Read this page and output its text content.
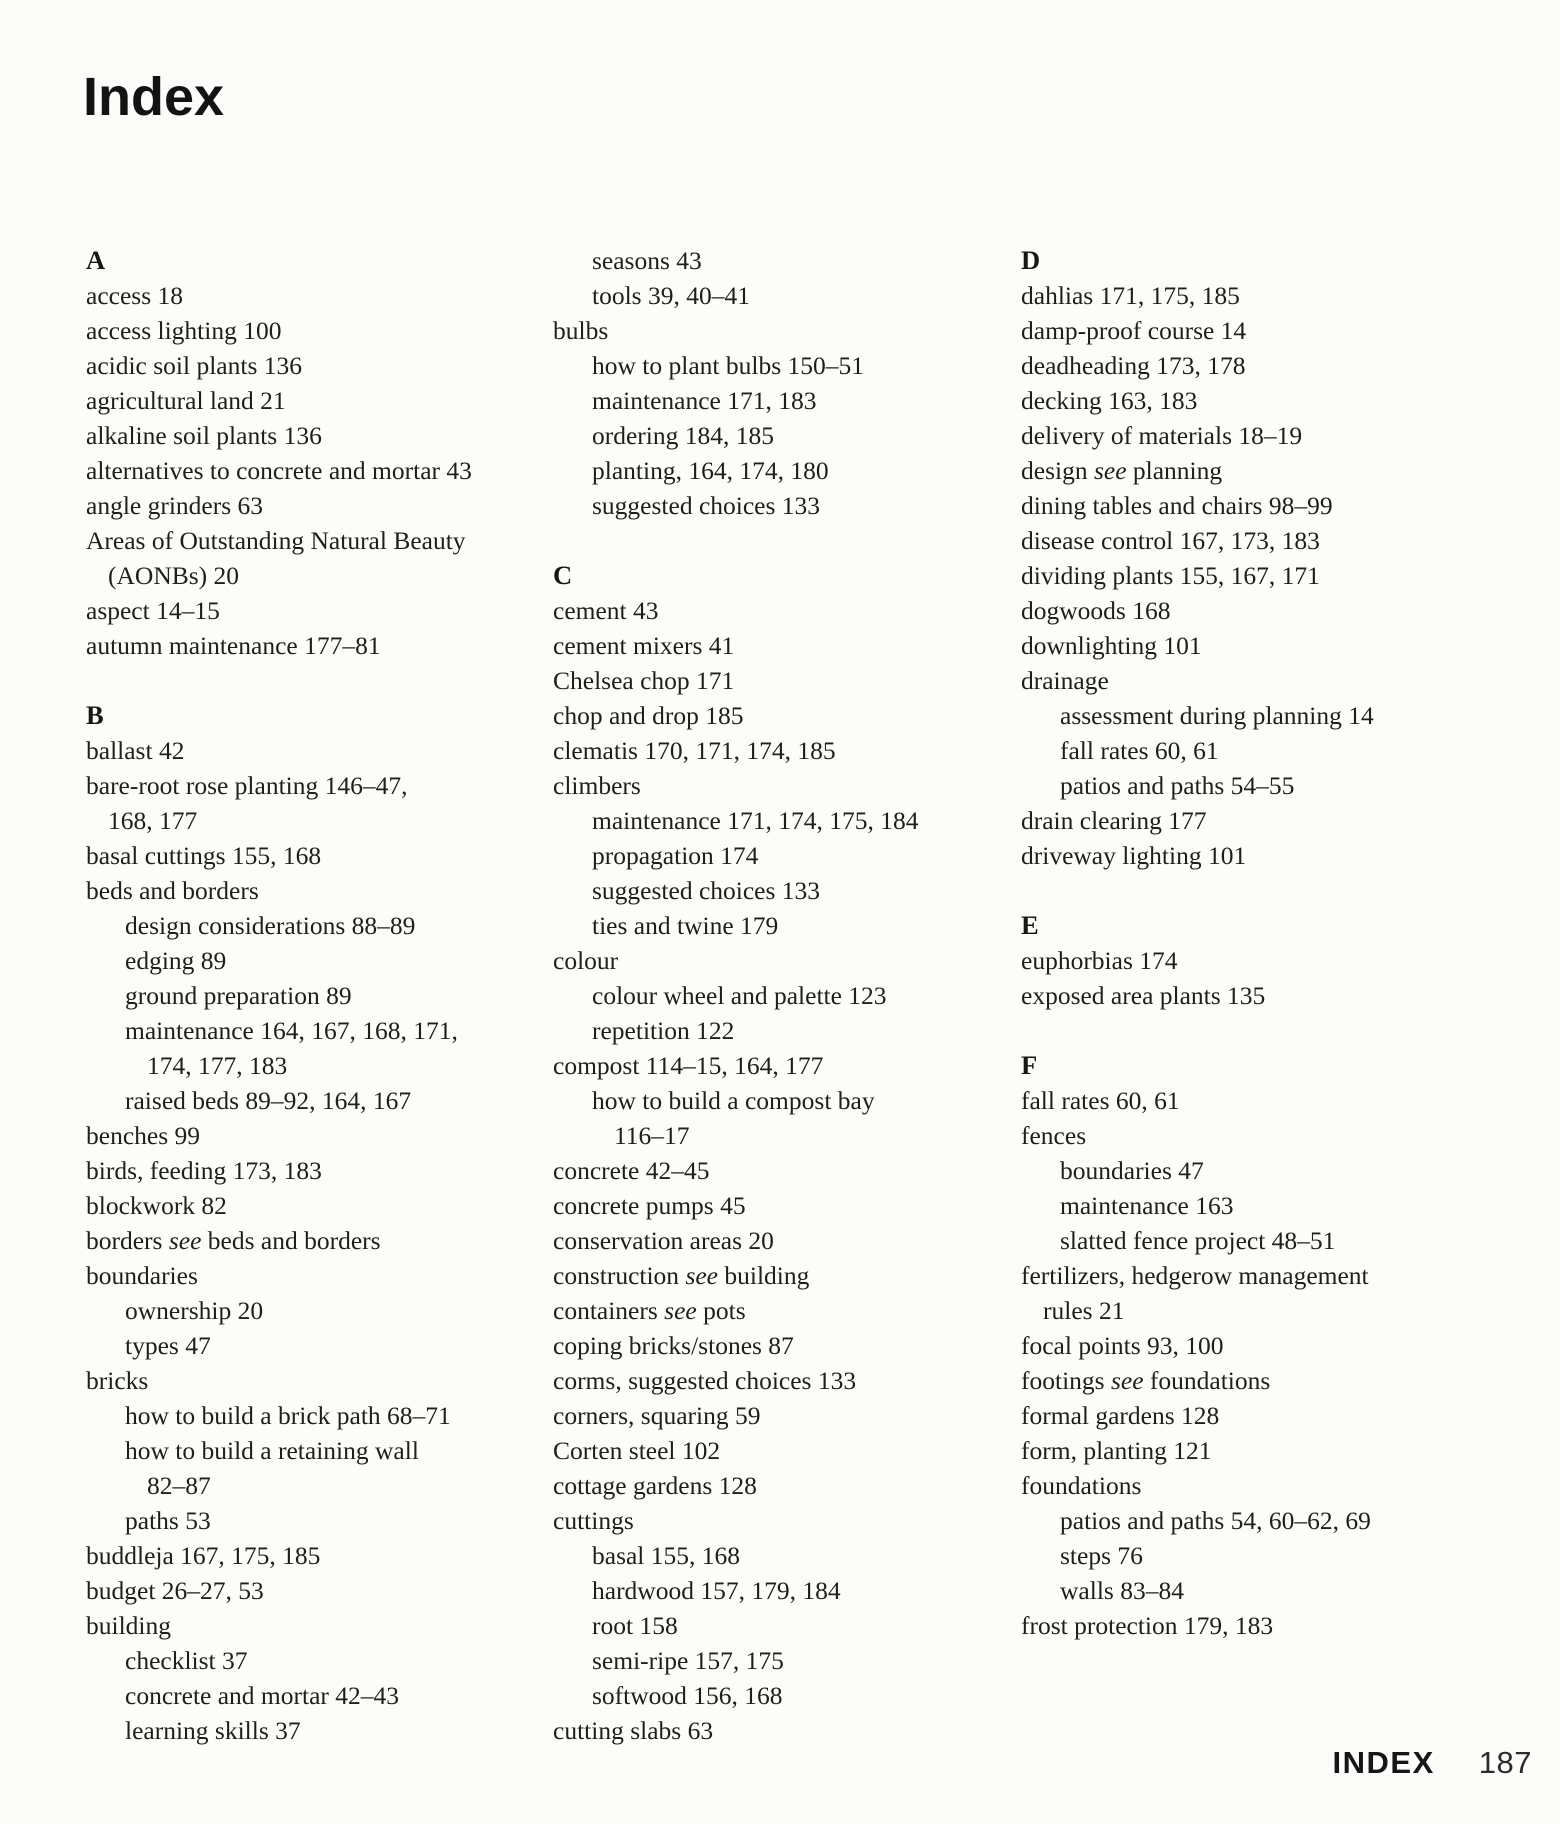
Index
A
access 18
access lighting 100
acidic soil plants 136
agricultural land 21
alkaline soil plants 136
alternatives to concrete and mortar 43
angle grinders 63
Areas of Outstanding Natural Beauty
(AONBs) 20
aspect 14–15
autumn maintenance 177–81
B
ballast 42
bare-root rose planting 146–47,
168, 177
basal cuttings 155, 168
beds and borders
design considerations 88–89
edging 89
ground preparation 89
maintenance 164, 167, 168, 171,
174, 177, 183
raised beds 89–92, 164, 167
benches 99
birds, feeding 173, 183
blockwork 82
borders see beds and borders
boundaries
ownership 20
types 47
bricks
how to build a brick path 68–71
how to build a retaining wall
82–87
paths 53
buddleja 167, 175, 185
budget 26–27, 53
building
checklist 37
concrete and mortar 42–43
learning skills 37
seasons 43
tools 39, 40–41
bulbs
how to plant bulbs 150–51
maintenance 171, 183
ordering 184, 185
planting, 164, 174, 180
suggested choices 133
C
cement 43
cement mixers 41
Chelsea chop 171
chop and drop 185
clematis 170, 171, 174, 185
climbers
maintenance 171, 174, 175, 184
propagation 174
suggested choices 133
ties and twine 179
colour
colour wheel and palette 123
repetition 122
compost 114–15, 164, 177
how to build a compost bay
116–17
concrete 42–45
concrete pumps 45
conservation areas 20
construction see building
containers see pots
coping bricks/stones 87
corms, suggested choices 133
corners, squaring 59
Corten steel 102
cottage gardens 128
cuttings
basal 155, 168
hardwood 157, 179, 184
root 158
semi-ripe 157, 175
softwood 156, 168
cutting slabs 63
D
dahlias 171, 175, 185
damp-proof course 14
deadheading 173, 178
decking 163, 183
delivery of materials 18–19
design see planning
dining tables and chairs 98–99
disease control 167, 173, 183
dividing plants 155, 167, 171
dogwoods 168
downlighting 101
drainage
assessment during planning 14
fall rates 60, 61
patios and paths 54–55
drain clearing 177
driveway lighting 101
E
euphorbias 174
exposed area plants 135
F
fall rates 60, 61
fences
boundaries 47
maintenance 163
slatted fence project 48–51
fertilizers, hedgerow management
rules 21
focal points 93, 100
footings see foundations
formal gardens 128
form, planting 121
foundations
patios and paths 54, 60–62, 69
steps 76
walls 83–84
frost protection 179, 183
INDEX 187
